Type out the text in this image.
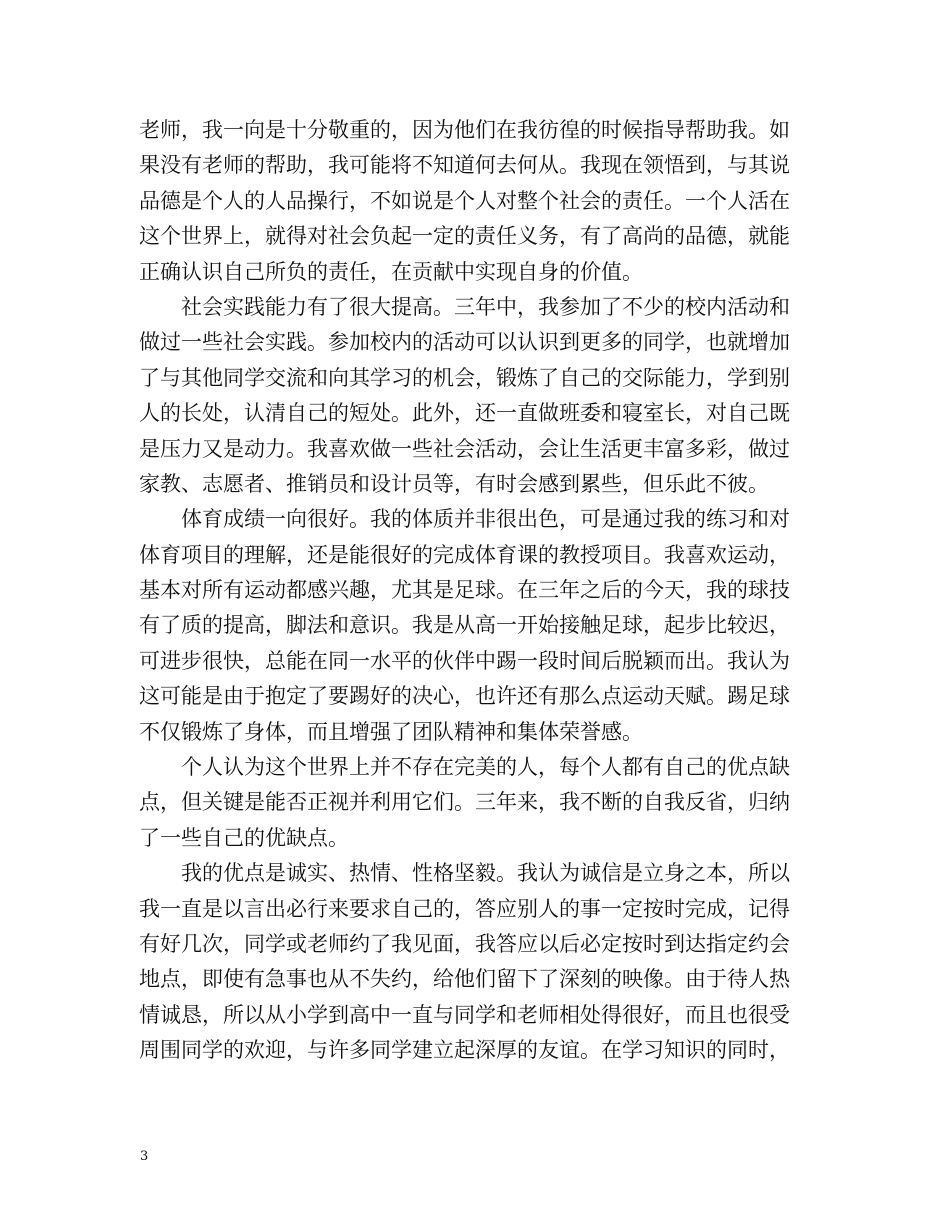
老师，我一向是十分敬重的，因为他们在我彷徨的时候指导帮助我。如
果没有老师的帮助，我可能将不知道何去何从。我现在领悟到，与其说
品德是个人的人品操行，不如说是个人对整个社会的责任。一个人活在
这个世界上，就得对社会负起一定的责任义务，有了高尚的品德，就能
正确认识自己所负的责任，在贡献中实现自身的价值。
社会实践能力有了很大提高。三年中，我参加了不少的校内活动和
做过一些社会实践。参加校内的活动可以认识到更多的同学，也就增加
了与其他同学交流和向其学习的机会，锻炼了自己的交际能力，学到别
人的长处，认清自己的短处。此外，还一直做班委和寝室长，对自己既
是压力又是动力。我喜欢做一些社会活动，会让生活更丰富多彩，做过
家教、志愿者、推销员和设计员等，有时会感到累些，但乐此不彼。
体育成绩一向很好。我的体质并非很出色，可是通过我的练习和对
体育项目的理解，还是能很好的完成体育课的教授项目。我喜欢运动，
基本对所有运动都感兴趣，尤其是足球。在三年之后的今天，我的球技
有了质的提高，脚法和意识。我是从高一开始接触足球，起步比较迟，
可进步很快，总能在同一水平的伙伴中踢一段时间后脱颖而出。我认为
这可能是由于抱定了要踢好的决心，也许还有那么点运动天赋。踢足球
不仅锻炼了身体，而且增强了团队精神和集体荣誉感。
个人认为这个世界上并不存在完美的人，每个人都有自己的优点缺
点，但关键是能否正视并利用它们。三年来，我不断的自我反省，归纳
了一些自己的优缺点。
我的优点是诚实、热情、性格坚毅。我认为诚信是立身之本，所以
我一直是以言出必行来要求自己的，答应别人的事一定按时完成，记得
有好几次，同学或老师约了我见面，我答应以后必定按时到达指定约会
地点，即使有急事也从不失约，给他们留下了深刻的映像。由于待人热
情诚恳，所以从小学到高中一直与同学和老师相处得很好，而且也很受
周围同学的欢迎，与许多同学建立起深厚的友谊。在学习知识的同时，
3
